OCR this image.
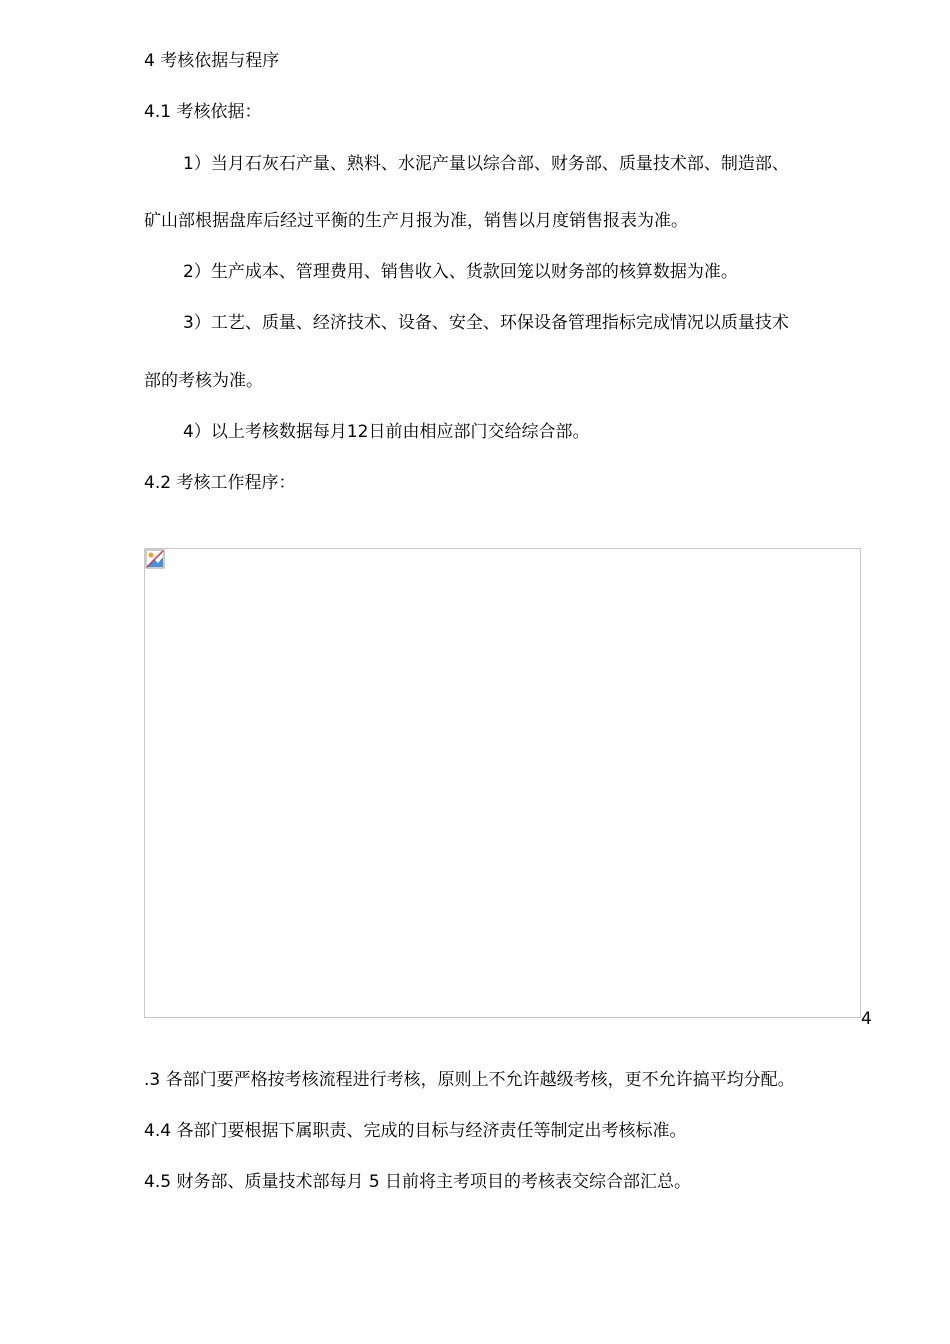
4 考核依据与程序

4.1 考核依据：

1）当月石灰石产量、熟料、水泥产量以综合部、财务部、质量技术部、制造部、

矿山部根据盘库后经过平衡的生产月报为准，销售以月度销售报表为准。

2）生产成本、管理费用、销售收入、货款回笼以财务部的核算数据为准。

3）工艺、质量、经济技术、设备、安全、环保设备管理指标完成情况以质量技术

部的考核为准。

4）以上考核数据每月12日前由相应部门交给综合部。

4.2 考核工作程序：

4

.3 各部门要严格按考核流程进行考核，原则上不允许越级考核，更不允许搞平均分配。

4.4 各部门要根据下属职责、完成的目标与经济责任等制定出考核标准。

4.5 财务部、质量技术部每月 5 日前将主考项目的考核表交综合部汇总。
